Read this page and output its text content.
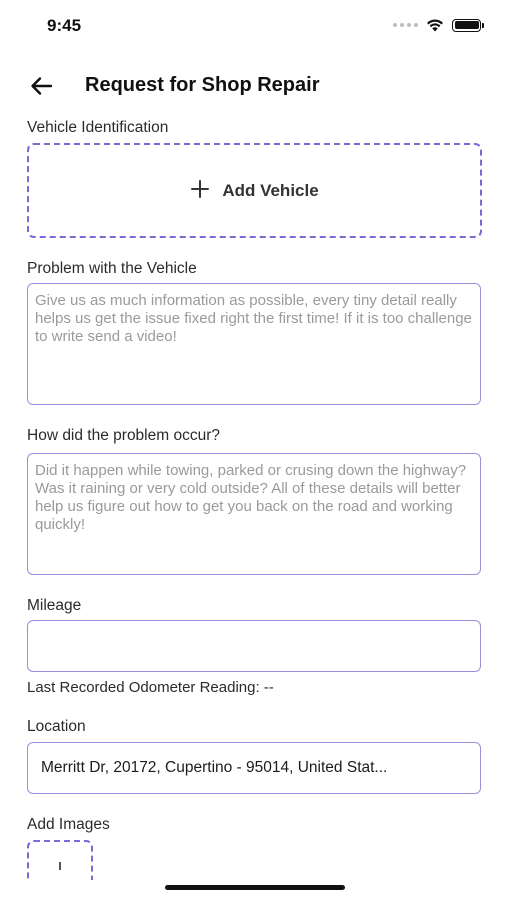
9:45
Request for Shop Repair
Vehicle Identification
Add Vehicle
Problem with the Vehicle
Give us as much information as possible, every tiny detail really helps us get the issue fixed right the first time! If it is too challenge to write send a video!
How did the problem occur?
Did it happen while towing, parked or crusing down the highway? Was it raining or very cold outside? All of these details will better help us figure out how to get you back on the road and working quickly!
Mileage
Last Recorded Odometer Reading: --
Location
Merritt Dr, 20172, Cupertino - 95014, United Stat...
Add Images
